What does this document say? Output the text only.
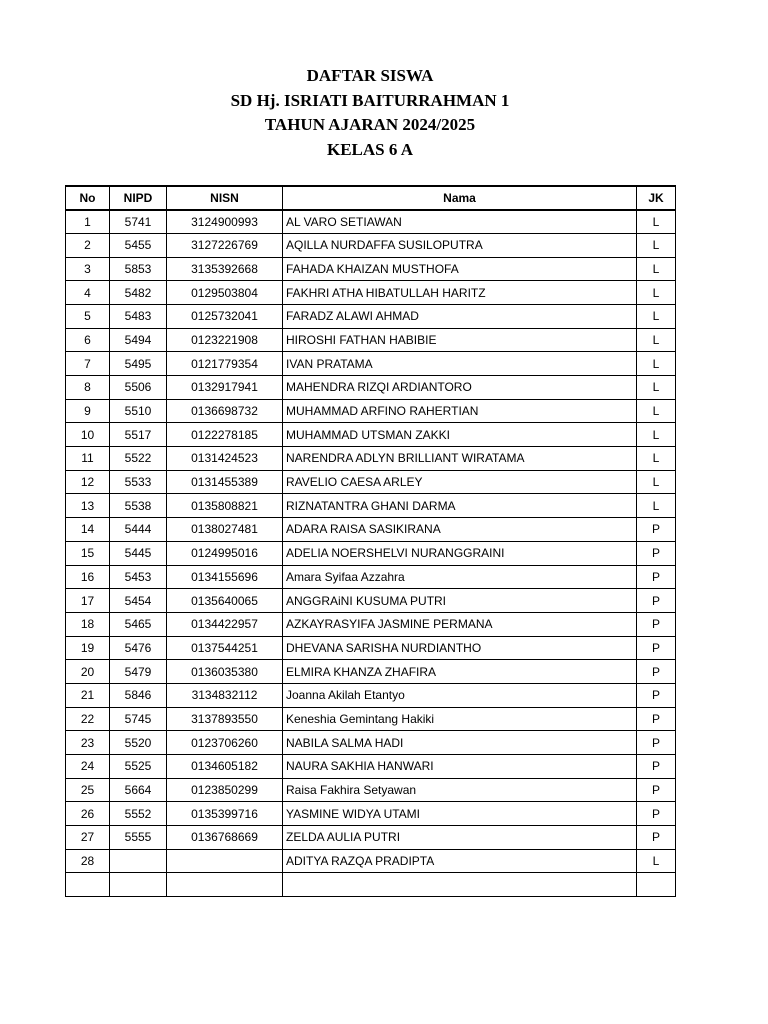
DAFTAR SISWA
SD Hj. ISRIATI BAITURRAHMAN 1
TAHUN AJARAN 2024/2025
KELAS 6 A
No	NIPD	NISN	Nama	JK
1	5741	3124900993	AL VARO SETIAWAN	L
2	5455	3127226769	AQILLA NURDAFFA SUSILOPUTRA	L
3	5853	3135392668	FAHADA KHAIZAN MUSTHOFA	L
4	5482	0129503804	FAKHRI ATHA HIBATULLAH HARITZ	L
5	5483	0125732041	FARADZ ALAWI AHMAD	L
6	5494	0123221908	HIROSHI FATHAN HABIBIE	L
7	5495	0121779354	IVAN PRATAMA	L
8	5506	0132917941	MAHENDRA RIZQI ARDIANTORO	L
9	5510	0136698732	MUHAMMAD ARFINO RAHERTIAN	L
10	5517	0122278185	MUHAMMAD UTSMAN ZAKKI	L
11	5522	0131424523	NARENDRA ADLYN BRILLIANT WIRATAMA	L
12	5533	0131455389	RAVELIO CAESA ARLEY	L
13	5538	0135808821	RIZNATANTRA GHANI DARMA	L
14	5444	0138027481	ADARA RAISA SASIKIRANA	P
15	5445	0124995016	ADELIA NOERSHELVI NURANGGRAINI	P
16	5453	0134155696	Amara Syifaa Azzahra	P
17	5454	0135640065	ANGGRAiNI KUSUMA PUTRI	P
18	5465	0134422957	AZKAYRASYIFA JASMINE PERMANA	P
19	5476	0137544251	DHEVANA SARISHA NURDIANTHO	P
20	5479	0136035380	ELMIRA KHANZA ZHAFIRA	P
21	5846	3134832112	Joanna Akilah Etantyo	P
22	5745	3137893550	Keneshia Gemintang Hakiki	P
23	5520	0123706260	NABILA SALMA HADI	P
24	5525	0134605182	NAURA SAKHIA HANWARI	P
25	5664	0123850299	Raisa Fakhira Setyawan	P
26	5552	0135399716	YASMINE WIDYA UTAMI	P
27	5555	0136768669	ZELDA AULIA PUTRI	P
28			ADITYA RAZQA PRADIPTA	L
